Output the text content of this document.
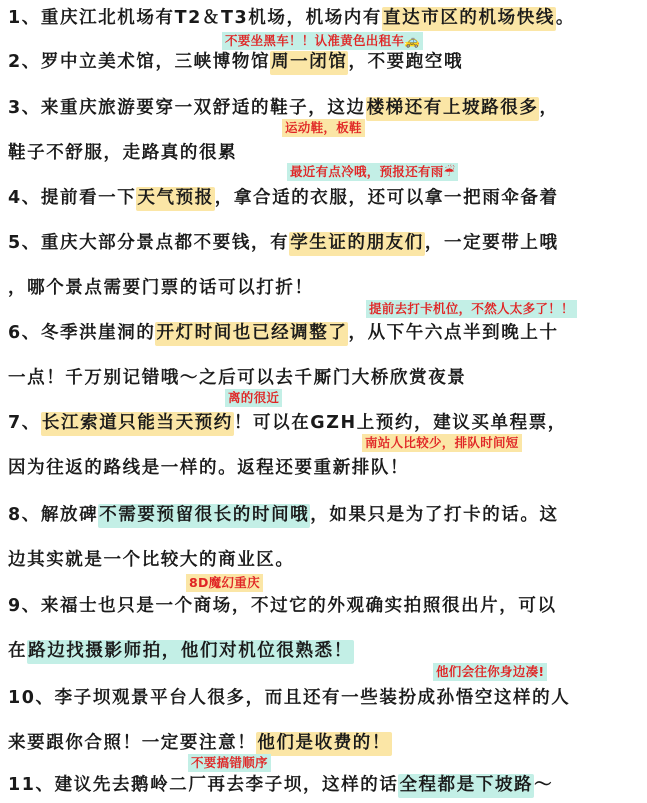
1、重庆江北机场有T2＆T3机场，机场内有直达市区的机场快线。
不要坐黑车！！认准黄色出租车🚕
2、罗中立美术馆，三峡博物馆周一闭馆，不要跑空哦
3、来重庆旅游要穿一双舒适的鞋子，这边楼梯还有上坡路很多，
运动鞋，板鞋
鞋子不舒服，走路真的很累
最近有点冷哦，预报还有雨☔
4、提前看一下天气预报，拿合适的衣服，还可以拿一把雨伞备着
5、重庆大部分景点都不要钱，有学生证的朋友们，一定要带上哦
，哪个景点需要门票的话可以打折！
提前去打卡机位，不然人太多了！！
6、冬季洪崖洞的开灯时间也已经调整了，从下午六点半到晚上十
一点！千万别记错哦～之后可以去千厮门大桥欣赏夜景
离的很近
7、长江索道只能当天预约！可以在GZH上预约，建议买单程票，
南站人比较少，排队时间短
因为往返的路线是一样的。返程还要重新排队！
8、解放碑不需要预留很长的时间哦，如果只是为了打卡的话。这
边其实就是一个比较大的商业区。
8D魔幻重庆
9、来福士也只是一个商场，不过它的外观确实拍照很出片，可以
在路边找摄影师拍，他们对机位很熟悉！
他们会往你身边凑!
10、李子坝观景平台人很多，而且还有一些装扮成孙悟空这样的人
来要跟你合照！一定要注意！他们是收费的！
不要搞错顺序
11、建议先去鹅岭二厂再去李子坝，这样的话全程都是下坡路～
